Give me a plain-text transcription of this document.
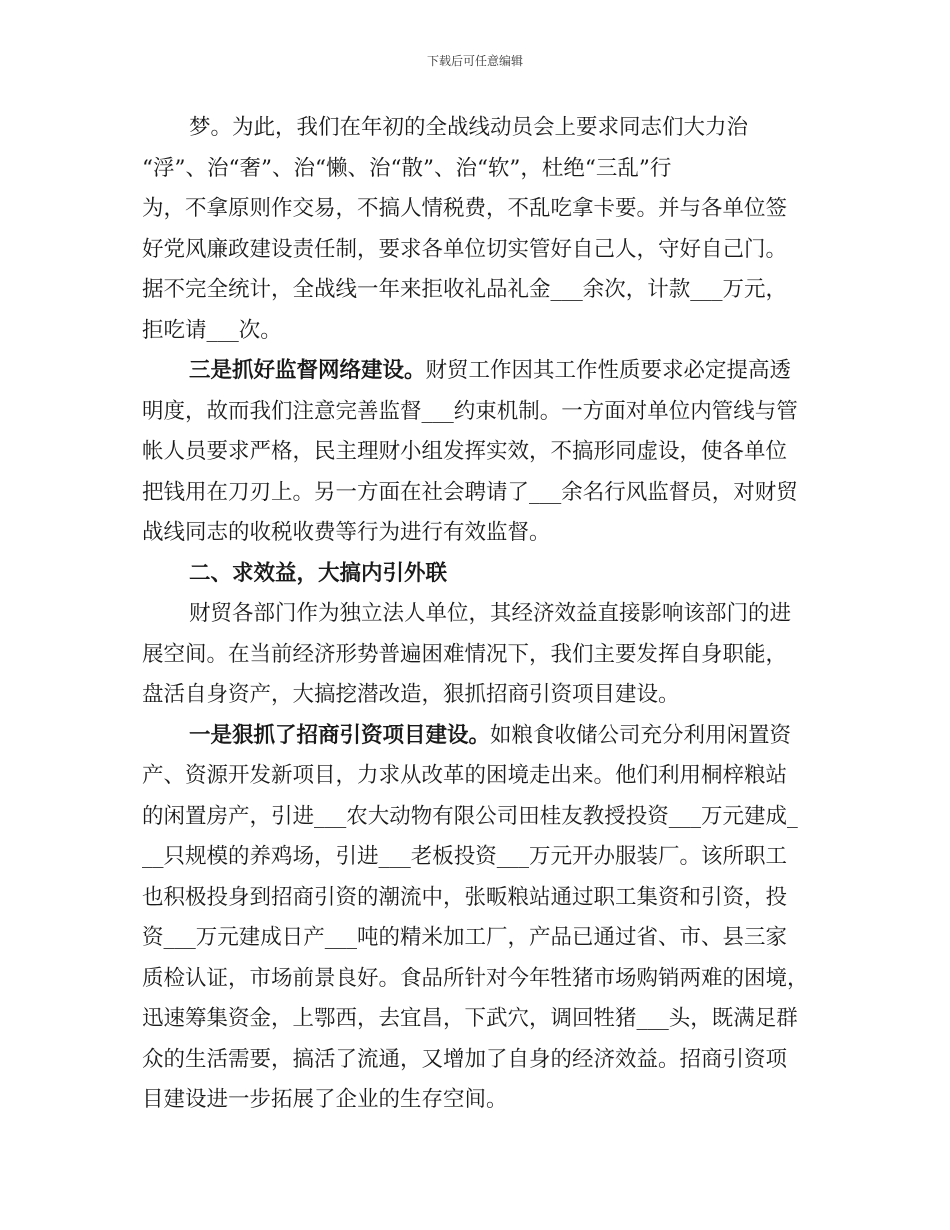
下载后可任意编辑

梦。为此，我们在年初的全战线动员会上要求同志们大力治

“浮”、治“奢”、治“懒、治“散”、治“软”，杜绝“三乱”行

为，不拿原则作交易，不搞人情税费，不乱吃拿卡要。并与各单位签

好党风廉政建设责任制，要求各单位切实管好自己人，守好自己门。

据不完全统计，全战线一年来拒收礼品礼金___余次，计款___万元，

拒吃请___次。

三是抓好监督网络建设。财贸工作因其工作性质要求必定提高透

明度，故而我们注意完善监督___约束机制。一方面对单位内管线与管

帐人员要求严格，民主理财小组发挥实效，不搞形同虚设，使各单位

把钱用在刀刃上。另一方面在社会聘请了___余名行风监督员，对财贸

战线同志的收税收费等行为进行有效监督。

二、求效益，大搞内引外联

财贸各部门作为独立法人单位，其经济效益直接影响该部门的进

展空间。在当前经济形势普遍困难情况下，我们主要发挥自身职能，

盘活自身资产，大搞挖潜改造，狠抓招商引资项目建设。

一是狠抓了招商引资项目建设。如粮食收储公司充分利用闲置资

产、资源开发新项目，力求从改革的困境走出来。他们利用桐梓粮站

的闲置房产，引进___农大动物有限公司田桂友教授投资___万元建成_

__只规模的养鸡场，引进___老板投资___万元开办服装厂。该所职工

也积极投身到招商引资的潮流中，张畈粮站通过职工集资和引资，投

资___万元建成日产___吨的精米加工厂，产品已通过省、市、县三家

质检认证，市场前景良好。食品所针对今年牲猪市场购销两难的困境，

迅速筹集资金，上鄂西，去宜昌，下武穴，调回牲猪___头，既满足群

众的生活需要，搞活了流通，又增加了自身的经济效益。招商引资项

目建设进一步拓展了企业的生存空间。
